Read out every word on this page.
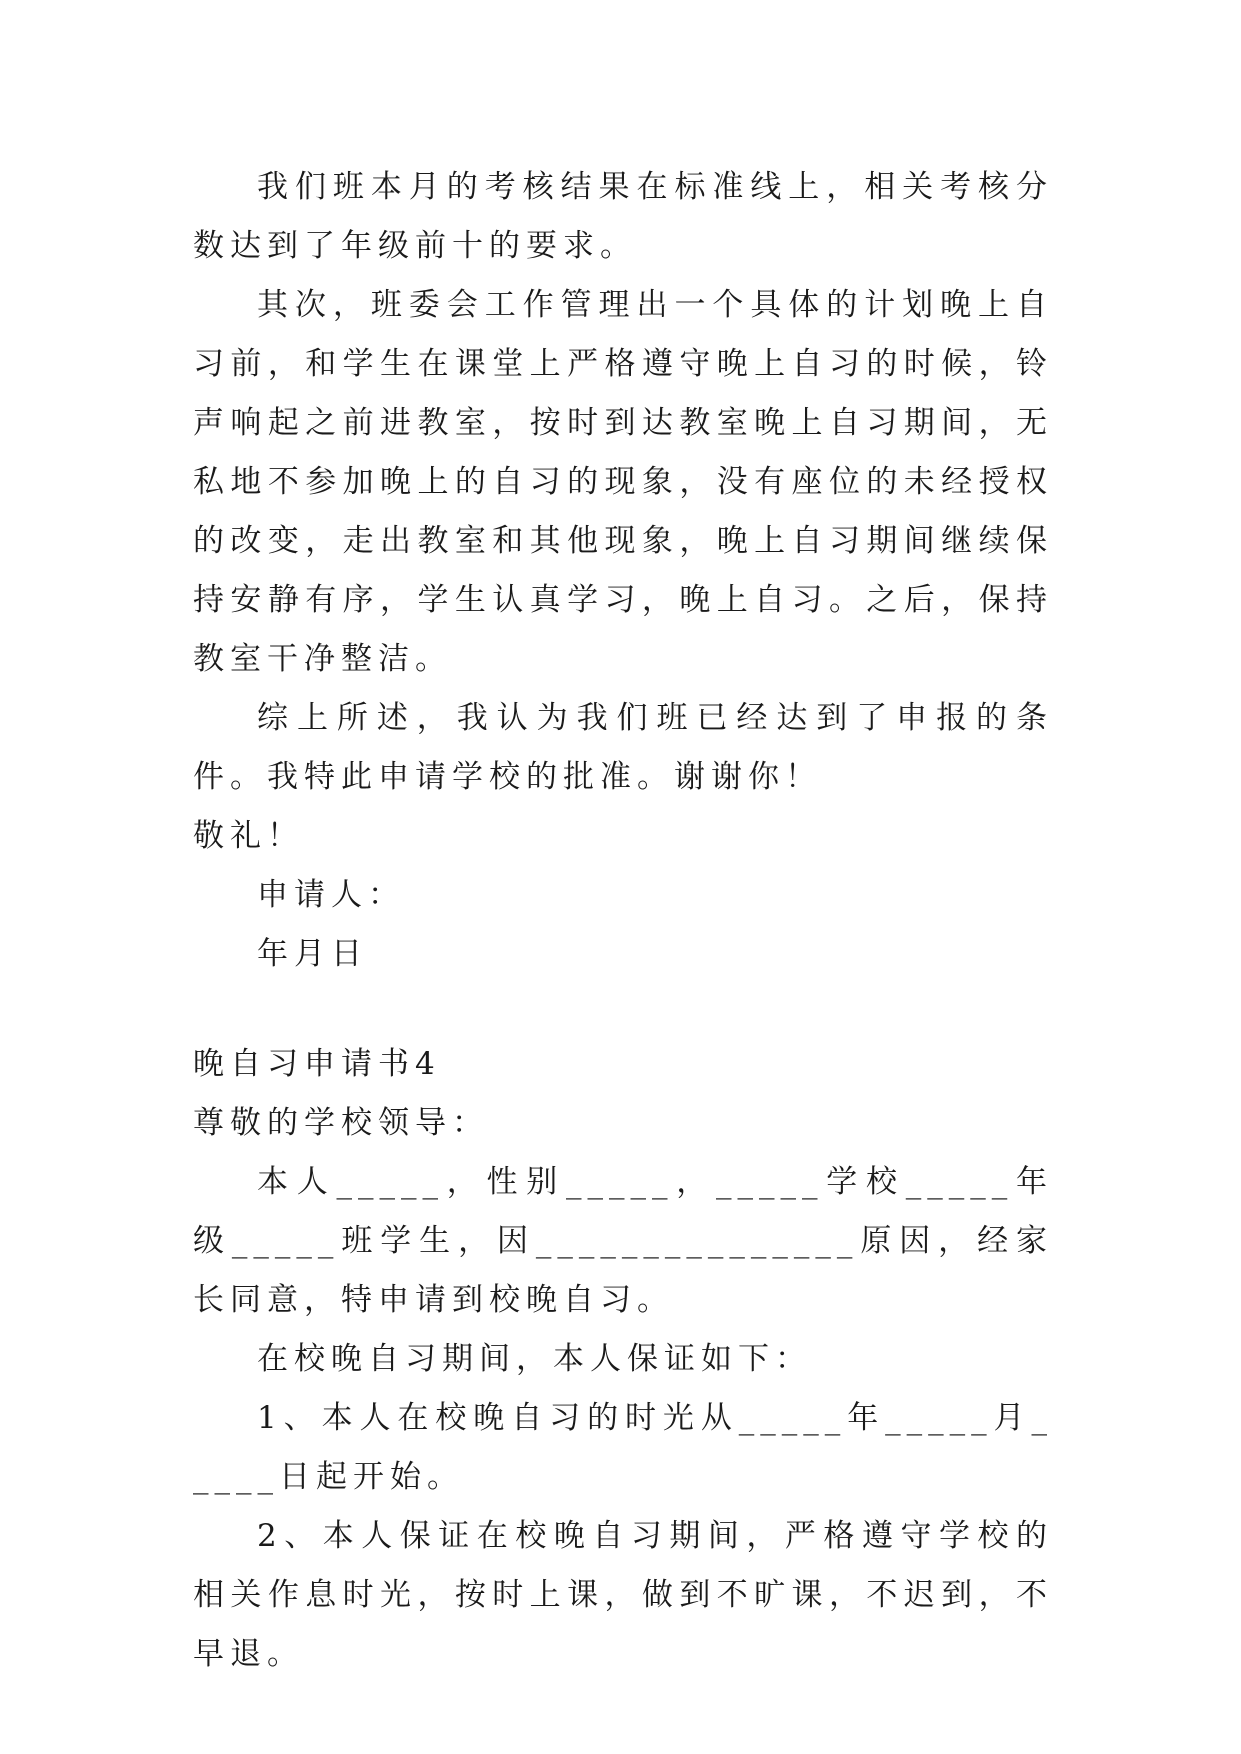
我们班本月的考核结果在标准线上，相关考核分数达到了年级前十的要求。

其次，班委会工作管理出一个具体的计划晚上自习前，和学生在课堂上严格遵守晚上自习的时候，铃声响起之前进教室，按时到达教室晚上自习期间，无私地不参加晚上的自习的现象，没有座位的未经授权的改变，走出教室和其他现象，晚上自习期间继续保持安静有序，学生认真学习，晚上自习。之后，保持教室干净整洁。

综上所述，我认为我们班已经达到了申报的条件。我特此申请学校的批准。谢谢你！

敬礼！

申请人：

年月日

晚自习申请书4

尊敬的学校领导：

本人_____，性别_____，_____学校_____年级_____班学生，因_______________原因，经家长同意，特申请到校晚自习。

在校晚自习期间，本人保证如下：

1、本人在校晚自习的时光从_____年_____月_____日起开始。

2、本人保证在校晚自习期间，严格遵守学校的相关作息时光，按时上课，做到不旷课，不迟到，不早退。
